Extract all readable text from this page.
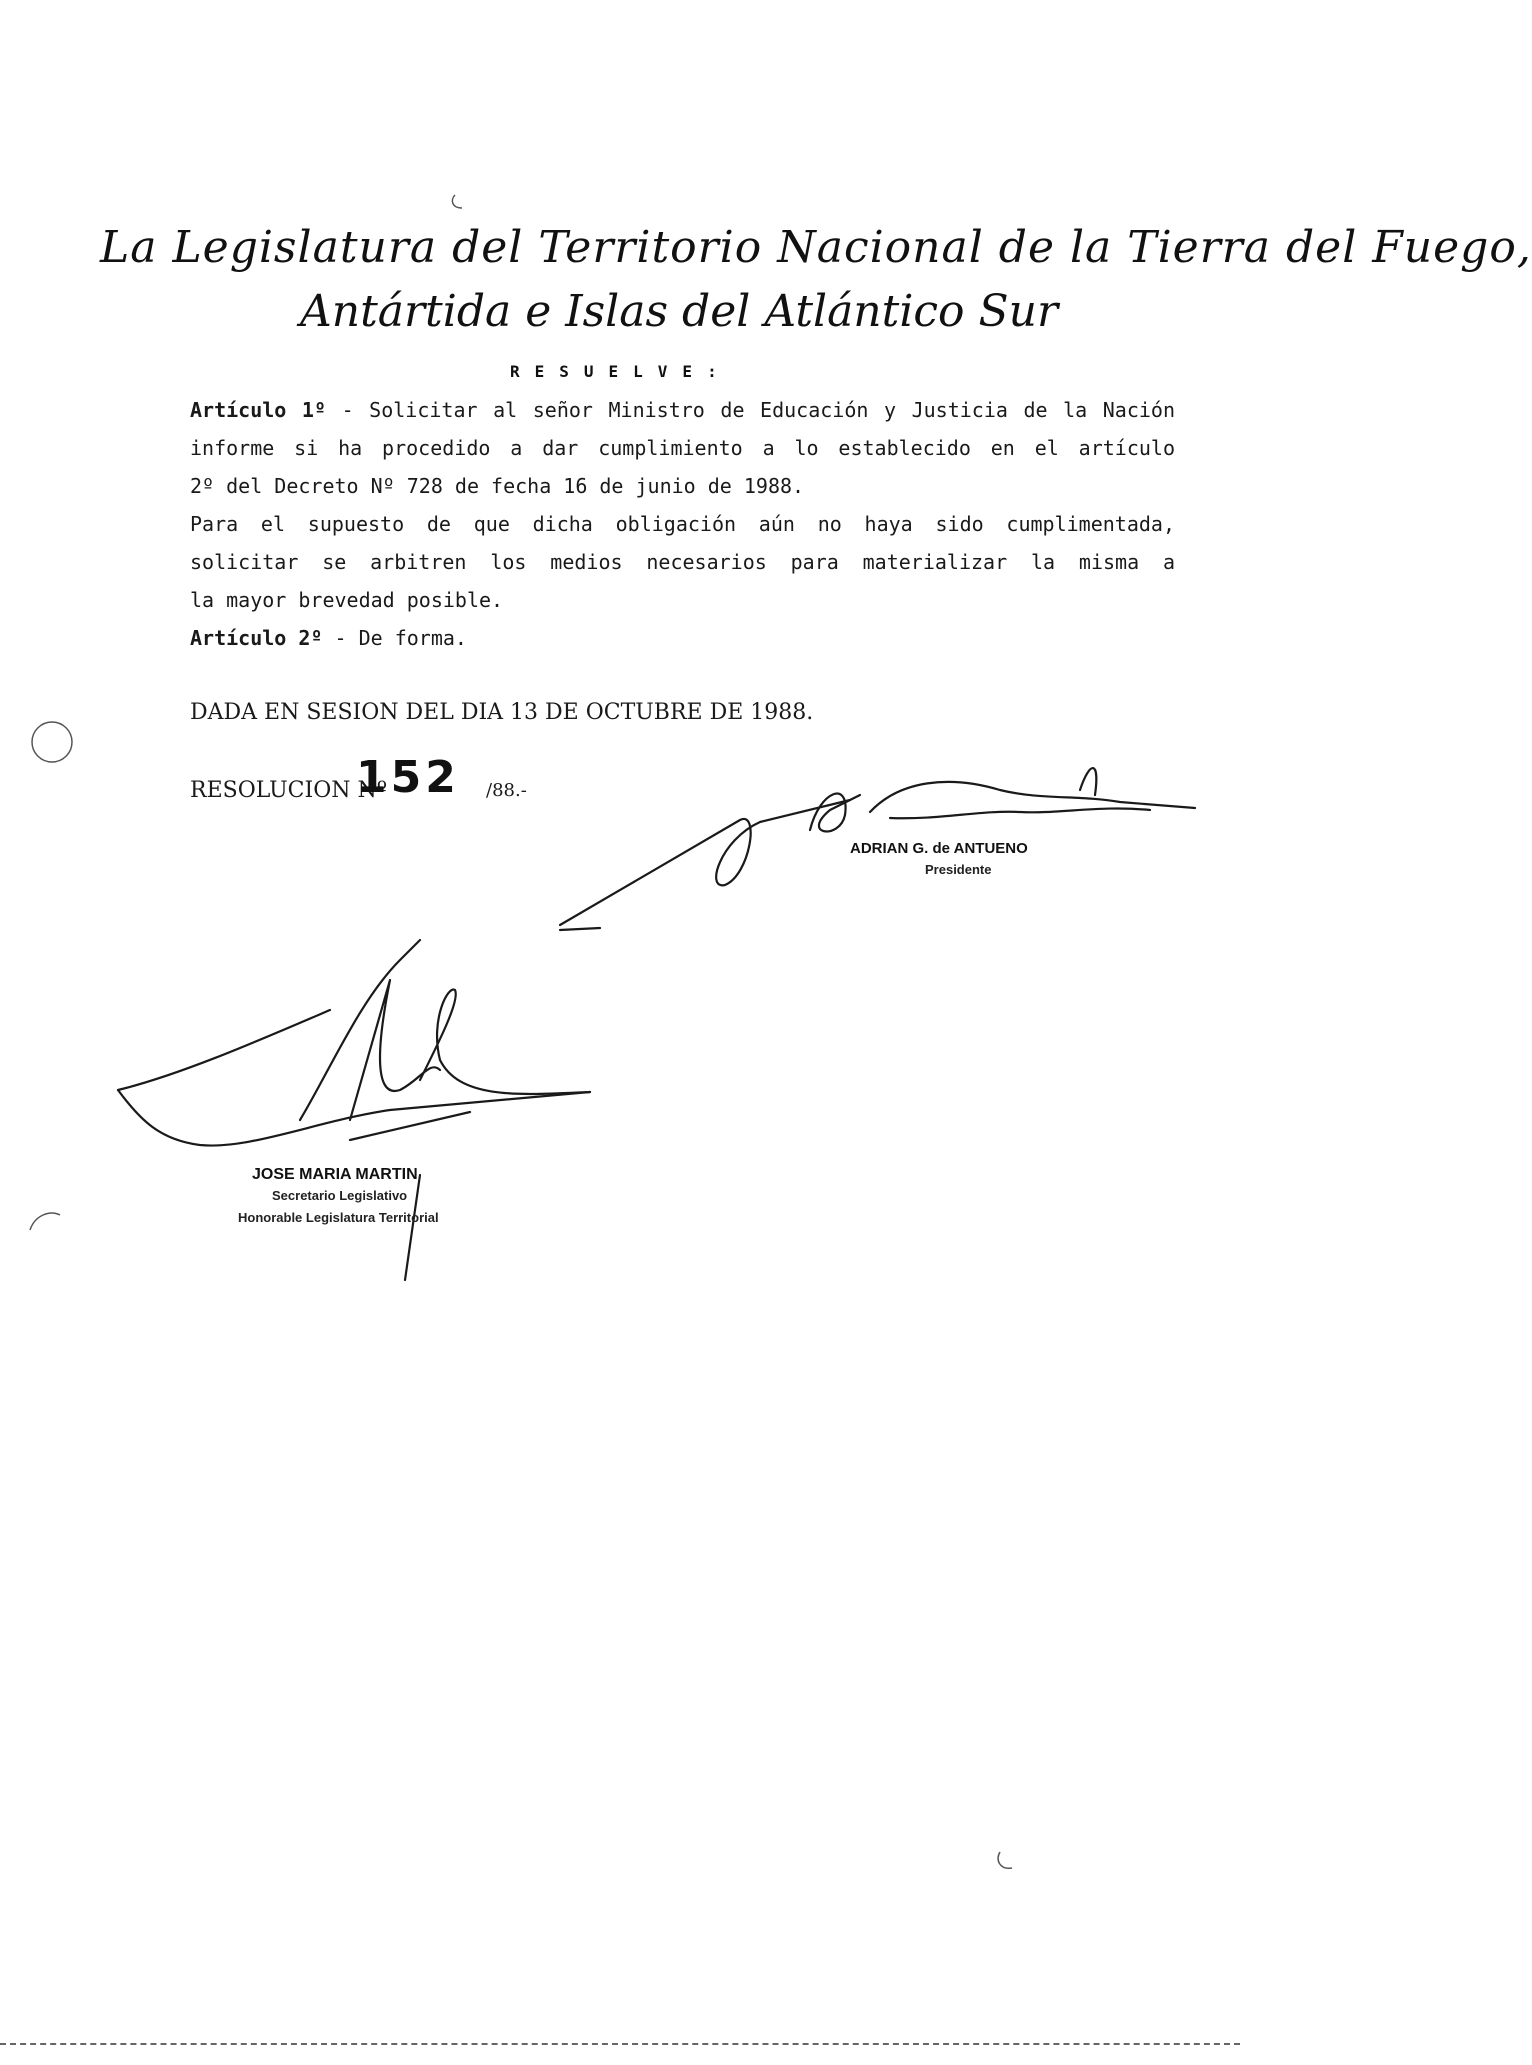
La Legislatura del Territorio Nacional de la Tierra del Fuego,
Antártida e Islas del Atlántico Sur
RESUELVE:
Artículo 1º - Solicitar al señor Ministro de Educación y Justicia de la Nación
informe si ha procedido a dar cumplimiento a lo establecido en el artículo
2º del Decreto Nº 728 de fecha 16 de junio de 1988.
Para el supuesto de que dicha obligación aún no haya sido cumplimentada,
solicitar se arbitren los medios necesarios para materializar la misma a
la mayor brevedad posible.
Artículo 2º - De forma.
DADA EN SESION DEL DIA 13 DE OCTUBRE DE 1988.
RESOLUCION Nº
152 /88.-
ADRIAN G. de ANTUENO
Presidente
JOSE MARIA MARTIN
Secretario Legislativo
Honorable Legislatura Territorial
